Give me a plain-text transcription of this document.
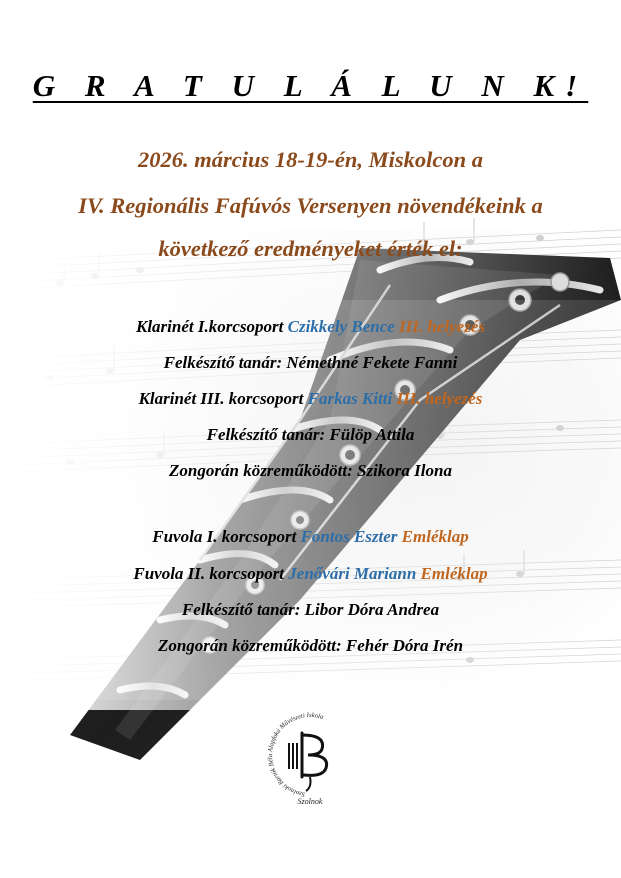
G R A T U L Á L U N K!
2026. március 18-19-én, Miskolcon a
IV. Regionális Fafúvós Versenyen növendékeink a
következő eredményeket érték el:
Klarinét I.korcsoport Czikkely Bence III. helyezés
Felkészítő tanár: Némethné Fekete Fanni
Klarinét III. korcsoport Farkas Kitti III. helyezés
Felkészítő tanár: Fülöp Attila
Zongorán közreműködött: Szikora Ilona
Fuvola I. korcsoport Fontos Eszter Emléklap
Fuvola II. korcsoport Jenővári Mariann Emléklap
Felkészítő tanár: Libor Dóra Andrea
Zongorán közreműködött: Fehér Dóra Irén
Szolnoki Bartók Béla Alapfokú Művészeti Iskola
Szolnok
